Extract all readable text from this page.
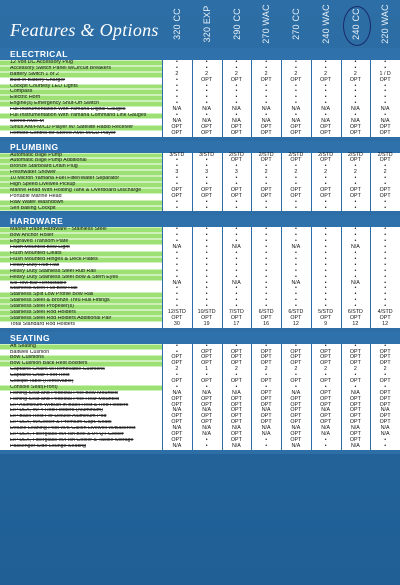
Features & Options 320 CC 320 EXP 290 CC 270 WAC 270 CC 240 WAC 240 CC 220 WAC
ELECTRICAL
12 Volt DC Accessory Plug	•	•	•	•	•	•	•	•
Accessory Switch Panel w/Circuit Breakers	•	•	•	•	•	•	•	•
Battery Switch 1 or 2	2	2	2	2	2	2	2	1 / D
Built-in Battery Charger	•	OPT	OPT	OPT	OPT	OPT	OPT	OPT
Cockpit Courtesy LED Lights	•	•	•	•	•	•	•	•
Compass	•	•	•	•	•	•	•	•
Electric Horn	•	•	•	•	•	•	•	•
Engine(s) Emergency Shut-Off Switch	•	•	•	•	•	•	•	•
Full Instrumentation With Yamaha Digital Gauges	N/A	N/A	N/A	N/A	N/A	N/A	N/A	N/A
Full Instrumentation With Yamaha Command Link Gauges	•	•	•	•	•	•	•	•
Stereo AM/FM	N/A	N/A	N/A	N/A	N/A	N/A	N/A	N/A
Sirius AM/FM/CD Player W/ Satellite Radio Receiver	OPT	OPT	OPT	OPT	OPT	OPT	OPT	OPT
Remote Control for Stereo AM/FM/CD Player	OPT	OPT	OPT	OPT	OPT	OPT	OPT	OPT
PLUMBING
Automatic Bilge Pump	3/STD	3/STD	2/STD	2/STD	2/STD	2/STD	2/STD	2/STD
Automatic Bilge Pump Additional	•	•	OPT	OPT	OPT	OPT	OPT	OPT
Bronze Starboard Drain Plug	•	•	•	•	•	•	•	•
Freshwater Shower	3	3	3	2	2	2	2	2
10 Micron Yamaha Fuel Filter/Water Separator	•	•	•	•	•	•	•	•
High Speed Livewell Pickup	•	•	•	•	•	•	•	•
Marine Head With Holding Tank & Overboard Discharge	OPT	OPT	OPT	OPT	OPT	OPT	OPT	OPT
Portable Marine Head	OPT	OPT	OPT	OPT	OPT	OPT	OPT	OPT
Raw Water Washdown	•	•	•	•	•	•	•	•
Self Bailing Cockpit	•	•	•	•	•	•	•	•
HARDWARE
Marine Grade Hardware - Stainless Steel	•	•	•	•	•	•	•	•
Bow Anchor Roller	•	•	•	•	•	•	•	•
Engraved Transom Plate	•	•	•	•	•	•	•	•
Flush Mounted Bow Light	N/A	•	N/A	•	N/A	•	N/A	•
Flush Mounted Cleats	•	•	•	•	•	•	•	•
Flush Mounted Hinges & Deck Plates	•	•	•	•	•	•	•	•
Heavy Duty Rub Rail	•	•	•	•	•	•	•	•
Heavy Duty Stainless Steel Rub Rail	•	•	•	•	•	•	•	•
Heavy Duty Stainless Steel Bow & Stern Eyes	•	•	•	•	•	•	•	•
Ski Tow Bar Retractable	N/A	•	N/A	•	N/A	•	N/A	•
Stainless Steel Full Bow Rail	•	•	•	•	•	•	•	•
Stainless Split Low Profile Bow Rail	•	•	•	•	•	•	•	•
Stainless Steel & Bronze Thru Hull Fittings	•	•	•	•	•	•	•	•
Stainless Steel Propeller(s)	•	•	•	•	•	•	•	•
Stainless Steel Rod Holders	12/STD	10/STD	7/STD	6/STD	6/STD	5/STD	6/STD	4/STD
Stainless Steel Rod Holders Additional Pair	OPT	OPT	OPT	OPT	OPT	OPT	OPT	OPT
Total Standard Rod Holders	30	19	17	16	12	9	12	12
SEATING
Aft Seating	•	•	•	•	•	•	•	•
Baitwell Cushion	•	OPT	OPT	OPT	OPT	OPT	OPT	OPT
Bow Cushions	OPT	OPT	OPT	OPT	OPT	OPT	OPT	OPT
Bow Cushion Back Rest Bolsters	OPT	OPT	OPT	OPT	OPT	OPT	OPT	OPT
Captains Chairs w/Removable Cushions	2	1	2	2	2	2	2	2
Captains Chair Foot Rest	•	•	•	•	•	•	•	•
Cockpit Table (Removable)	OPT	OPT	OPT	OPT	OPT	OPT	OPT	OPT
Console Seat(Front)	•	•	•	•	•	•	•	•
Fishing Seat and Pedestal Pole Bow Mounted	N/A	N/A	N/A	OPT	N/A	OPT	N/A	OPT
Fishing Seat and Pedestal Pole Rear Mounted	OPT	OPT	OPT	OPT	OPT	OPT	OPT	OPT
L/P Aluminum W/Built-in Back Rest & Rod Holders	OPT	OPT	OPT	OPT	OPT	OPT	OPT	OPT
L/P DLX, W/ 4 Rod Holders (Aluminum)	N/A	N/A	OPT	N/A	OPT	N/A	OPT	N/A
L/P Back Rest For Deluxe Aluminum Pod	OPT	OPT	OPT	OPT	OPT	OPT	OPT	OPT
L/P DLX, W/Cooler & Premium Capt. Seats	OPT	OPT	OPT	OPT	OPT	OPT	OPT	OPT
Deluxe Leaning Post W/5 Gallon Livewell W/Backrest	N/A	N/A	N/A	N/A	N/A	N/A	N/A	N/A
L/P DLX, Fiberglass W/Fish Box & 94 QT Cooler	OPT	N/A	OPT	N/A	OPT	N/A	OPT	N/A
L/P DLX, Fiberglass W/Fish Cooler & Tackle Storage	OPT	•	OPT	•	OPT	•	OPT	•
Passenger Side Lounge Seating	N/A	•	N/A	•	N/A	•	N/A	•
